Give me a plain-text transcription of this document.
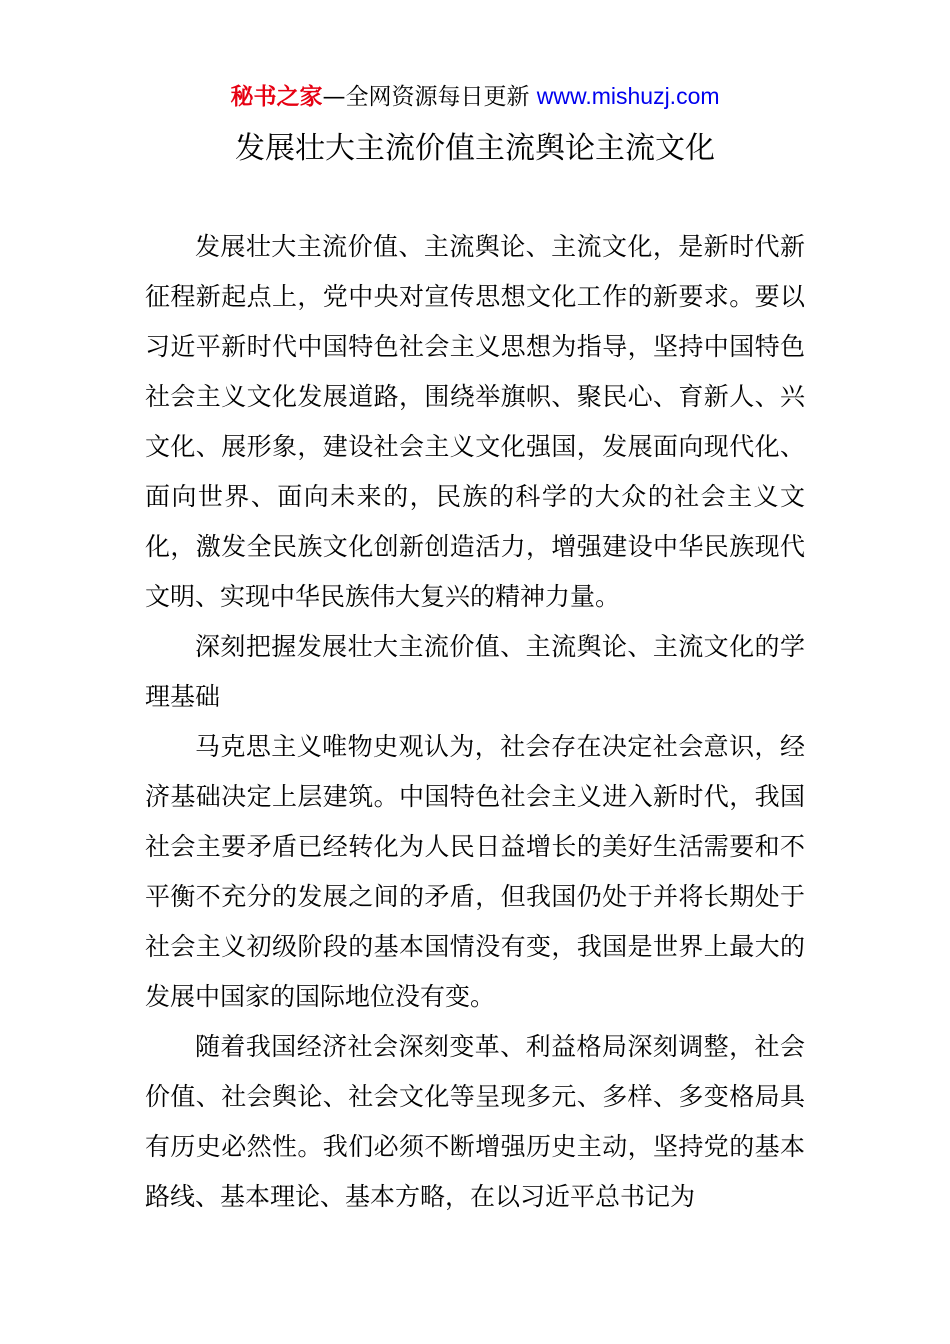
秘书之家—全网资源每日更新 www.mishuzj.com
发展壮大主流价值主流舆论主流文化

发展壮大主流价值、主流舆论、主流文化，是新时代新征程新起点上，党中央对宣传思想文化工作的新要求。要以习近平新时代中国特色社会主义思想为指导，坚持中国特色社会主义文化发展道路，围绕举旗帜、聚民心、育新人、兴文化、展形象，建设社会主义文化强国，发展面向现代化、面向世界、面向未来的，民族的科学的大众的社会主义文化，激发全民族文化创新创造活力，增强建设中华民族现代文明、实现中华民族伟大复兴的精神力量。

深刻把握发展壮大主流价值、主流舆论、主流文化的学理基础

马克思主义唯物史观认为，社会存在决定社会意识，经济基础决定上层建筑。中国特色社会主义进入新时代，我国社会主要矛盾已经转化为人民日益增长的美好生活需要和不平衡不充分的发展之间的矛盾，但我国仍处于并将长期处于社会主义初级阶段的基本国情没有变，我国是世界上最大的发展中国家的国际地位没有变。

随着我国经济社会深刻变革、利益格局深刻调整，社会价值、社会舆论、社会文化等呈现多元、多样、多变格局具有历史必然性。我们必须不断增强历史主动，坚持党的基本路线、基本理论、基本方略，在以习近平总书记为
